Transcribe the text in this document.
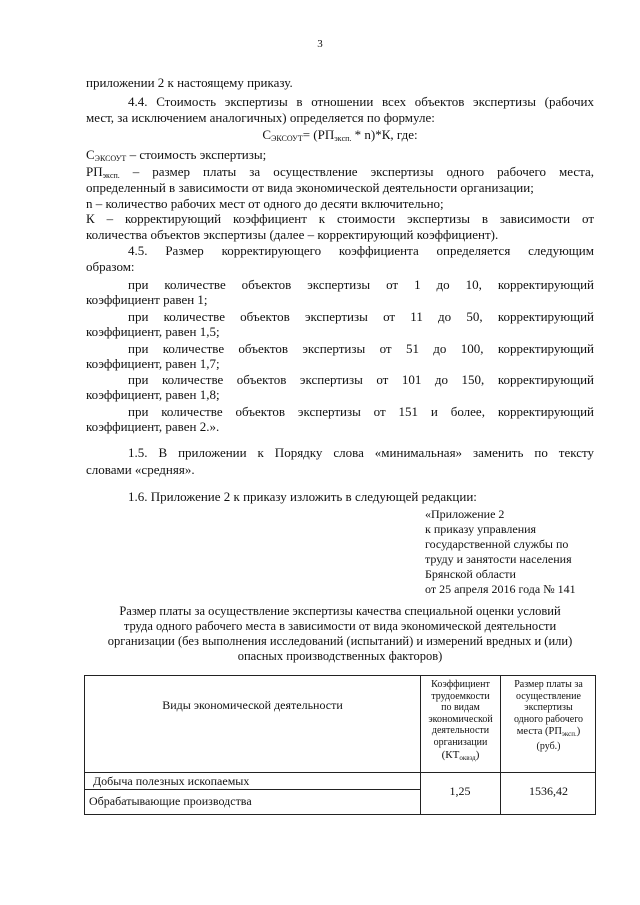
3
приложении 2 к настоящему приказу.
4.4. Стоимость экспертизы в отношении всех объектов экспертизы (рабочих
мест, за исключением аналогичных) определяется по формуле:
СЭКСОУТ= (РПэкcп. * n)*К, где:
СЭКСОУТ – стоимость экспертизы;
РПэкcп. – размер платы за осуществление экспертизы одного рабочего места,
определенный в зависимости от вида экономической деятельности организации;
n – количество рабочих мест от одного до десяти включительно;
К – корректирующий коэффициент к стоимости экспертизы в зависимости от
количества объектов экспертизы (далее – корректирующий коэффициент).
4.5. Размер корректирующего коэффициента определяется следующим
образом:
при количестве объектов экспертизы от 1 до 10, корректирующий
коэффициент равен 1;
при количестве объектов экспертизы от 11 до 50, корректирующий
коэффициент, равен 1,5;
при количестве объектов экспертизы от 51 до 100, корректирующий
коэффициент, равен 1,7;
при количестве объектов экспертизы от 101 до 150, корректирующий
коэффициент, равен 1,8;
при количестве объектов экспертизы от 151 и более, корректирующий
коэффициент, равен 2.».
1.5. В приложении к Порядку слова «минимальная» заменить по тексту
словами «средняя».
1.6. Приложение 2 к приказу изложить в следующей редакции:
«Приложение 2
к приказу управления
государственной службы по
труду и занятости населения
Брянской области
от 25 апреля 2016 года № 141
Размер платы за осуществление экспертизы качества специальной оценки условий
труда одного рабочего места в зависимости от вида экономической деятельности
организации (без выполнения исследований (испытаний) и измерений вредных и (или)
опасных производственных факторов)
Виды экономической деятельности
Коэффициент
трудоемкости
по видам
экономической
деятельности
организации
(КТоквэд)
Размер платы за
осуществление
экспертизы
одного рабочего
места (РПэксп.)
(руб.)
Добыча полезных ископаемых
Обрабатывающие производства
1,25	1536,42
